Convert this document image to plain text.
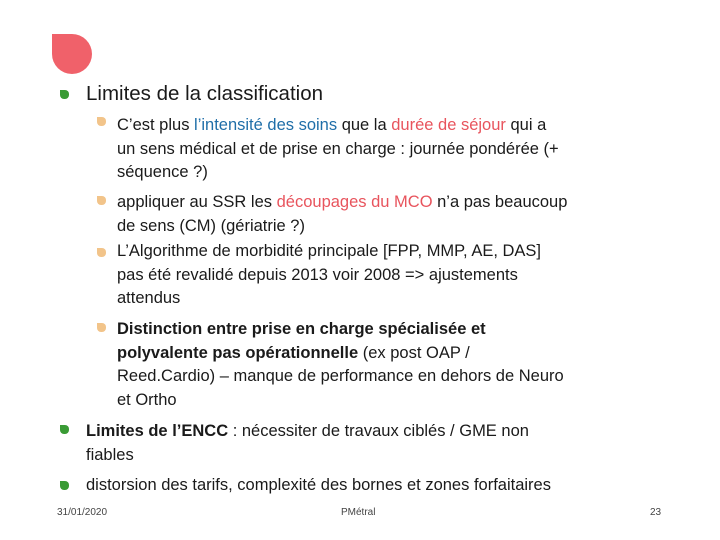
Limites de la classification
C’est plus l’intensité des soins que la durée de séjour qui a
un sens médical et de prise en charge : journée pondérée (+
séquence ?)
appliquer au SSR les découpages du MCO n’a pas beaucoup
de sens (CM) (gériatrie ?)
L’Algorithme de morbidité principale [FPP, MMP, AE, DAS]
pas été revalidé depuis 2013 voir 2008 => ajustements
attendus
Distinction entre prise en charge spécialisée et
polyvalente pas opérationnelle (ex post OAP /
Reed.Cardio) – manque de performance en dehors de Neuro
et Ortho
Limites de l’ENCC : nécessiter de travaux ciblés / GME non
fiables
distorsion des tarifs, complexité des bornes et zones forfaitaires
31/01/2020	PMétral	23
